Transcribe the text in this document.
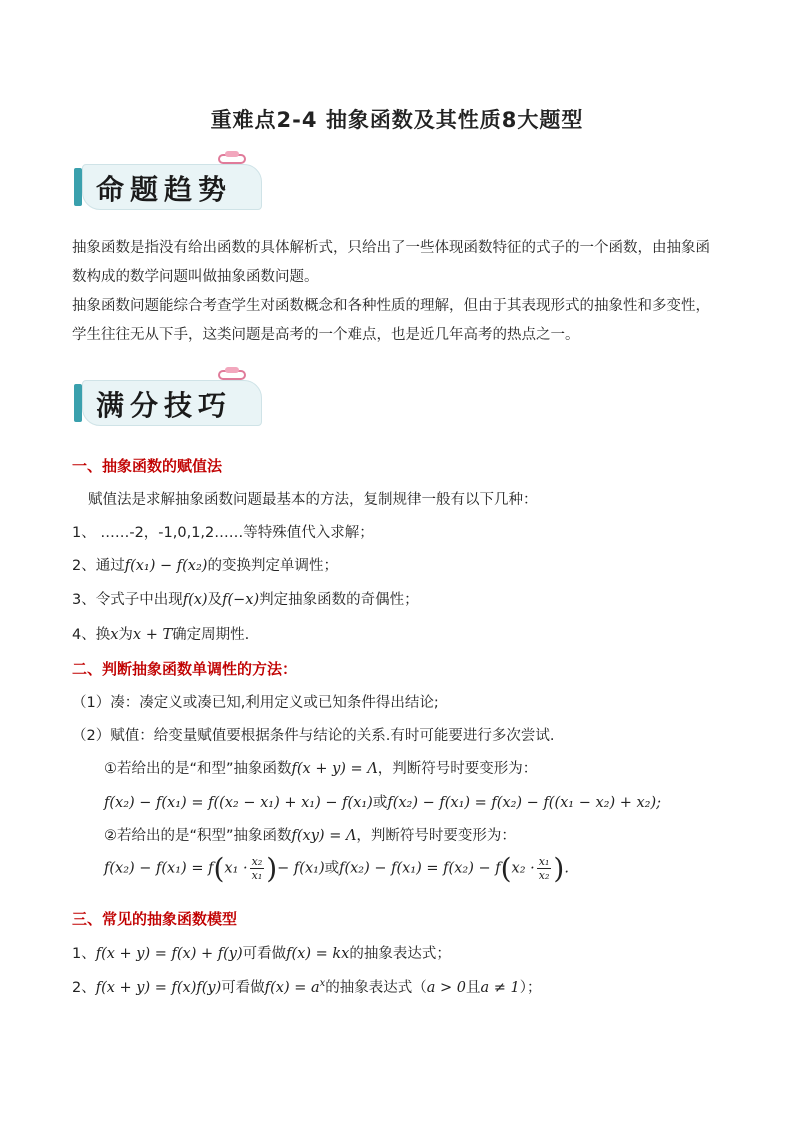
重难点2-4 抽象函数及其性质8大题型
命题趋势

抽象函数是指没有给出函数的具体解析式，只给出了一些体现函数特征的式子的一个函数，由抽象函数构成的数学问题叫做抽象函数问题。

抽象函数问题能综合考查学生对函数概念和各种性质的理解，但由于其表现形式的抽象性和多变性，学生往往无从下手，这类问题是高考的一个难点，也是近几年高考的热点之一。

满分技巧
一、抽象函数的赋值法
赋值法是求解抽象函数问题最基本的方法，复制规律一般有以下几种：
1、 ……-2，-1,0,1,2……等特殊值代入求解；
2、通过f(x₁) − f(x₂)的变换判定单调性；
3、令式子中出现f(x)及f(−x)判定抽象函数的奇偶性；
4、换x为x + T确定周期性.
二、判断抽象函数单调性的方法：
（1）凑：凑定义或凑已知,利用定义或已知条件得出结论;
（2）赋值：给变量赋值要根据条件与结论的关系.有时可能要进行多次尝试.
①若给出的是“和型”抽象函数f(x + y) = Λ，判断符号时要变形为：
f(x₂) − f(x₁) = f((x₂ − x₁) + x₁) − f(x₁)或f(x₂) − f(x₁) = f(x₂) − f((x₁ − x₂) + x₂);
②若给出的是“积型”抽象函数f(xy) = Λ，判断符号时要变形为：
$f(x_2) - f(x_1) = f(x_1 \cdot \frac{\text{x₂}}{\text{x₁}}$ )− f(x₁)或$f(x_2) - f(x_1) = f(x_2) - f(x_2 \cdot \frac{\text{x₁}}{\text{x₂}}$ ).
三、常见的抽象函数模型
1、f(x + y) = f(x) + f(y)可看做f(x) = kx的抽象表达式；
2、f(x + y) = f(x)f(y)可看做$f(x) = a^x$的抽象表达式（a > 0且a ≠ 1）；
